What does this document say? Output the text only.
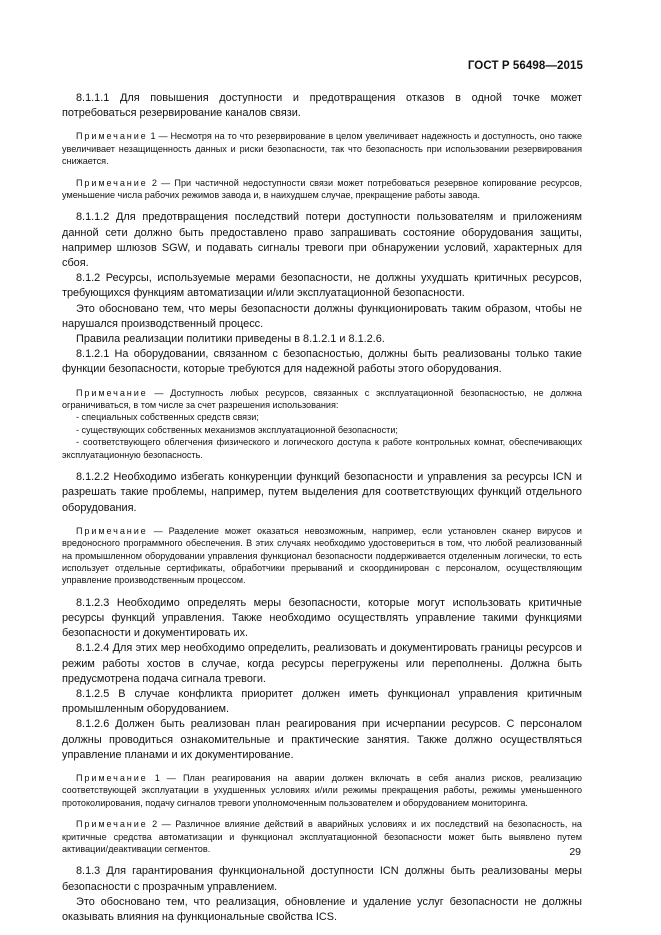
ГОСТ Р 56498—2015

8.1.1.1 Для повышения доступности и предотвращения отказов в одной точке может потребоваться резервирование каналов связи.

Примечание 1 — Несмотря на то что резервирование в целом увеличивает надежность и доступность, оно также увеличивает незащищенность данных и риски безопасности, так что безопасность при использовании резервирования снижается.

Примечание 2 — При частичной недоступности связи может потребоваться резервное копирование ресурсов, уменьшение числа рабочих режимов завода и, в наихудшем случае, прекращение работы завода.

8.1.1.2 Для предотвращения последствий потери доступности пользователям и приложениям данной сети должно быть предоставлено право запрашивать состояние оборудования защиты, например шлюзов SGW, и подавать сигналы тревоги при обнаружении условий, характерных для сбоя.

8.1.2 Ресурсы, используемые мерами безопасности, не должны ухудшать критичных ресурсов, требующихся функциям автоматизации и/или эксплуатационной безопасности.

Это обосновано тем, что меры безопасности должны функционировать таким образом, чтобы не нарушался производственный процесс.

Правила реализации политики приведены в 8.1.2.1 и 8.1.2.6.

8.1.2.1 На оборудовании, связанном с безопасностью, должны быть реализованы только такие функции безопасности, которые требуются для надежной работы этого оборудования.

Примечание — Доступность любых ресурсов, связанных с эксплуатационной безопасностью, не должна ограничиваться, в том числе за счет разрешения использования:

- специальных собственных средств связи;
- существующих собственных механизмов эксплуатационной безопасности;

- соответствующего облегчения физического и логического доступа к работе контрольных комнат, обеспечивающих эксплуатационную безопасность.

8.1.2.2 Необходимо избегать конкуренции функций безопасности и управления за ресурсы ICN и разрешать такие проблемы, например, путем выделения для соответствующих функций отдельного оборудования.

Примечание — Разделение может оказаться невозможным, например, если установлен сканер вирусов и вредоносного программного обеспечения. В этих случаях необходимо удостовериться в том, что любой реализованный на промышленном оборудовании управления функционал безопасности поддерживается отделенным логически, то есть использует отдельные сертификаты, обработчики прерываний и скоординирован с персоналом, осуществляющим управление производственным процессом.

8.1.2.3 Необходимо определять меры безопасности, которые могут использовать критичные ресурсы функций управления. Также необходимо осуществлять управление такими функциями безопасности и документировать их.

8.1.2.4 Для этих мер необходимо определить, реализовать и документировать границы ресурсов и режим работы хостов в случае, когда ресурсы перегружены или переполнены. Должна быть предусмотрена подача сигнала тревоги.

8.1.2.5 В случае конфликта приоритет должен иметь функционал управления критичным промышленным оборудованием.

8.1.2.6 Должен быть реализован план реагирования при исчерпании ресурсов. С персоналом должны проводиться ознакомительные и практические занятия. Также должно осуществляться управление планами и их документирование.

Примечание 1 — План реагирования на аварии должен включать в себя анализ рисков, реализацию соответствующей эксплуатации в ухудшенных условиях и/или режимы прекращения работы, режимы уменьшенного протоколирования, подачу сигналов тревоги уполномоченным пользователем и оборудованием мониторинга.

Примечание 2 — Различное влияние действий в аварийных условиях и их последствий на безопасность, на критичные средства автоматизации и функционал эксплуатационной безопасности может быть выявлено путем активации/деактивации сегментов.

8.1.3 Для гарантирования функциональной доступности ICN должны быть реализованы меры безопасности с прозрачным управлением.

Это обосновано тем, что реализация, обновление и удаление услуг безопасности не должны оказывать влияния на функциональные свойства ICS.

29
